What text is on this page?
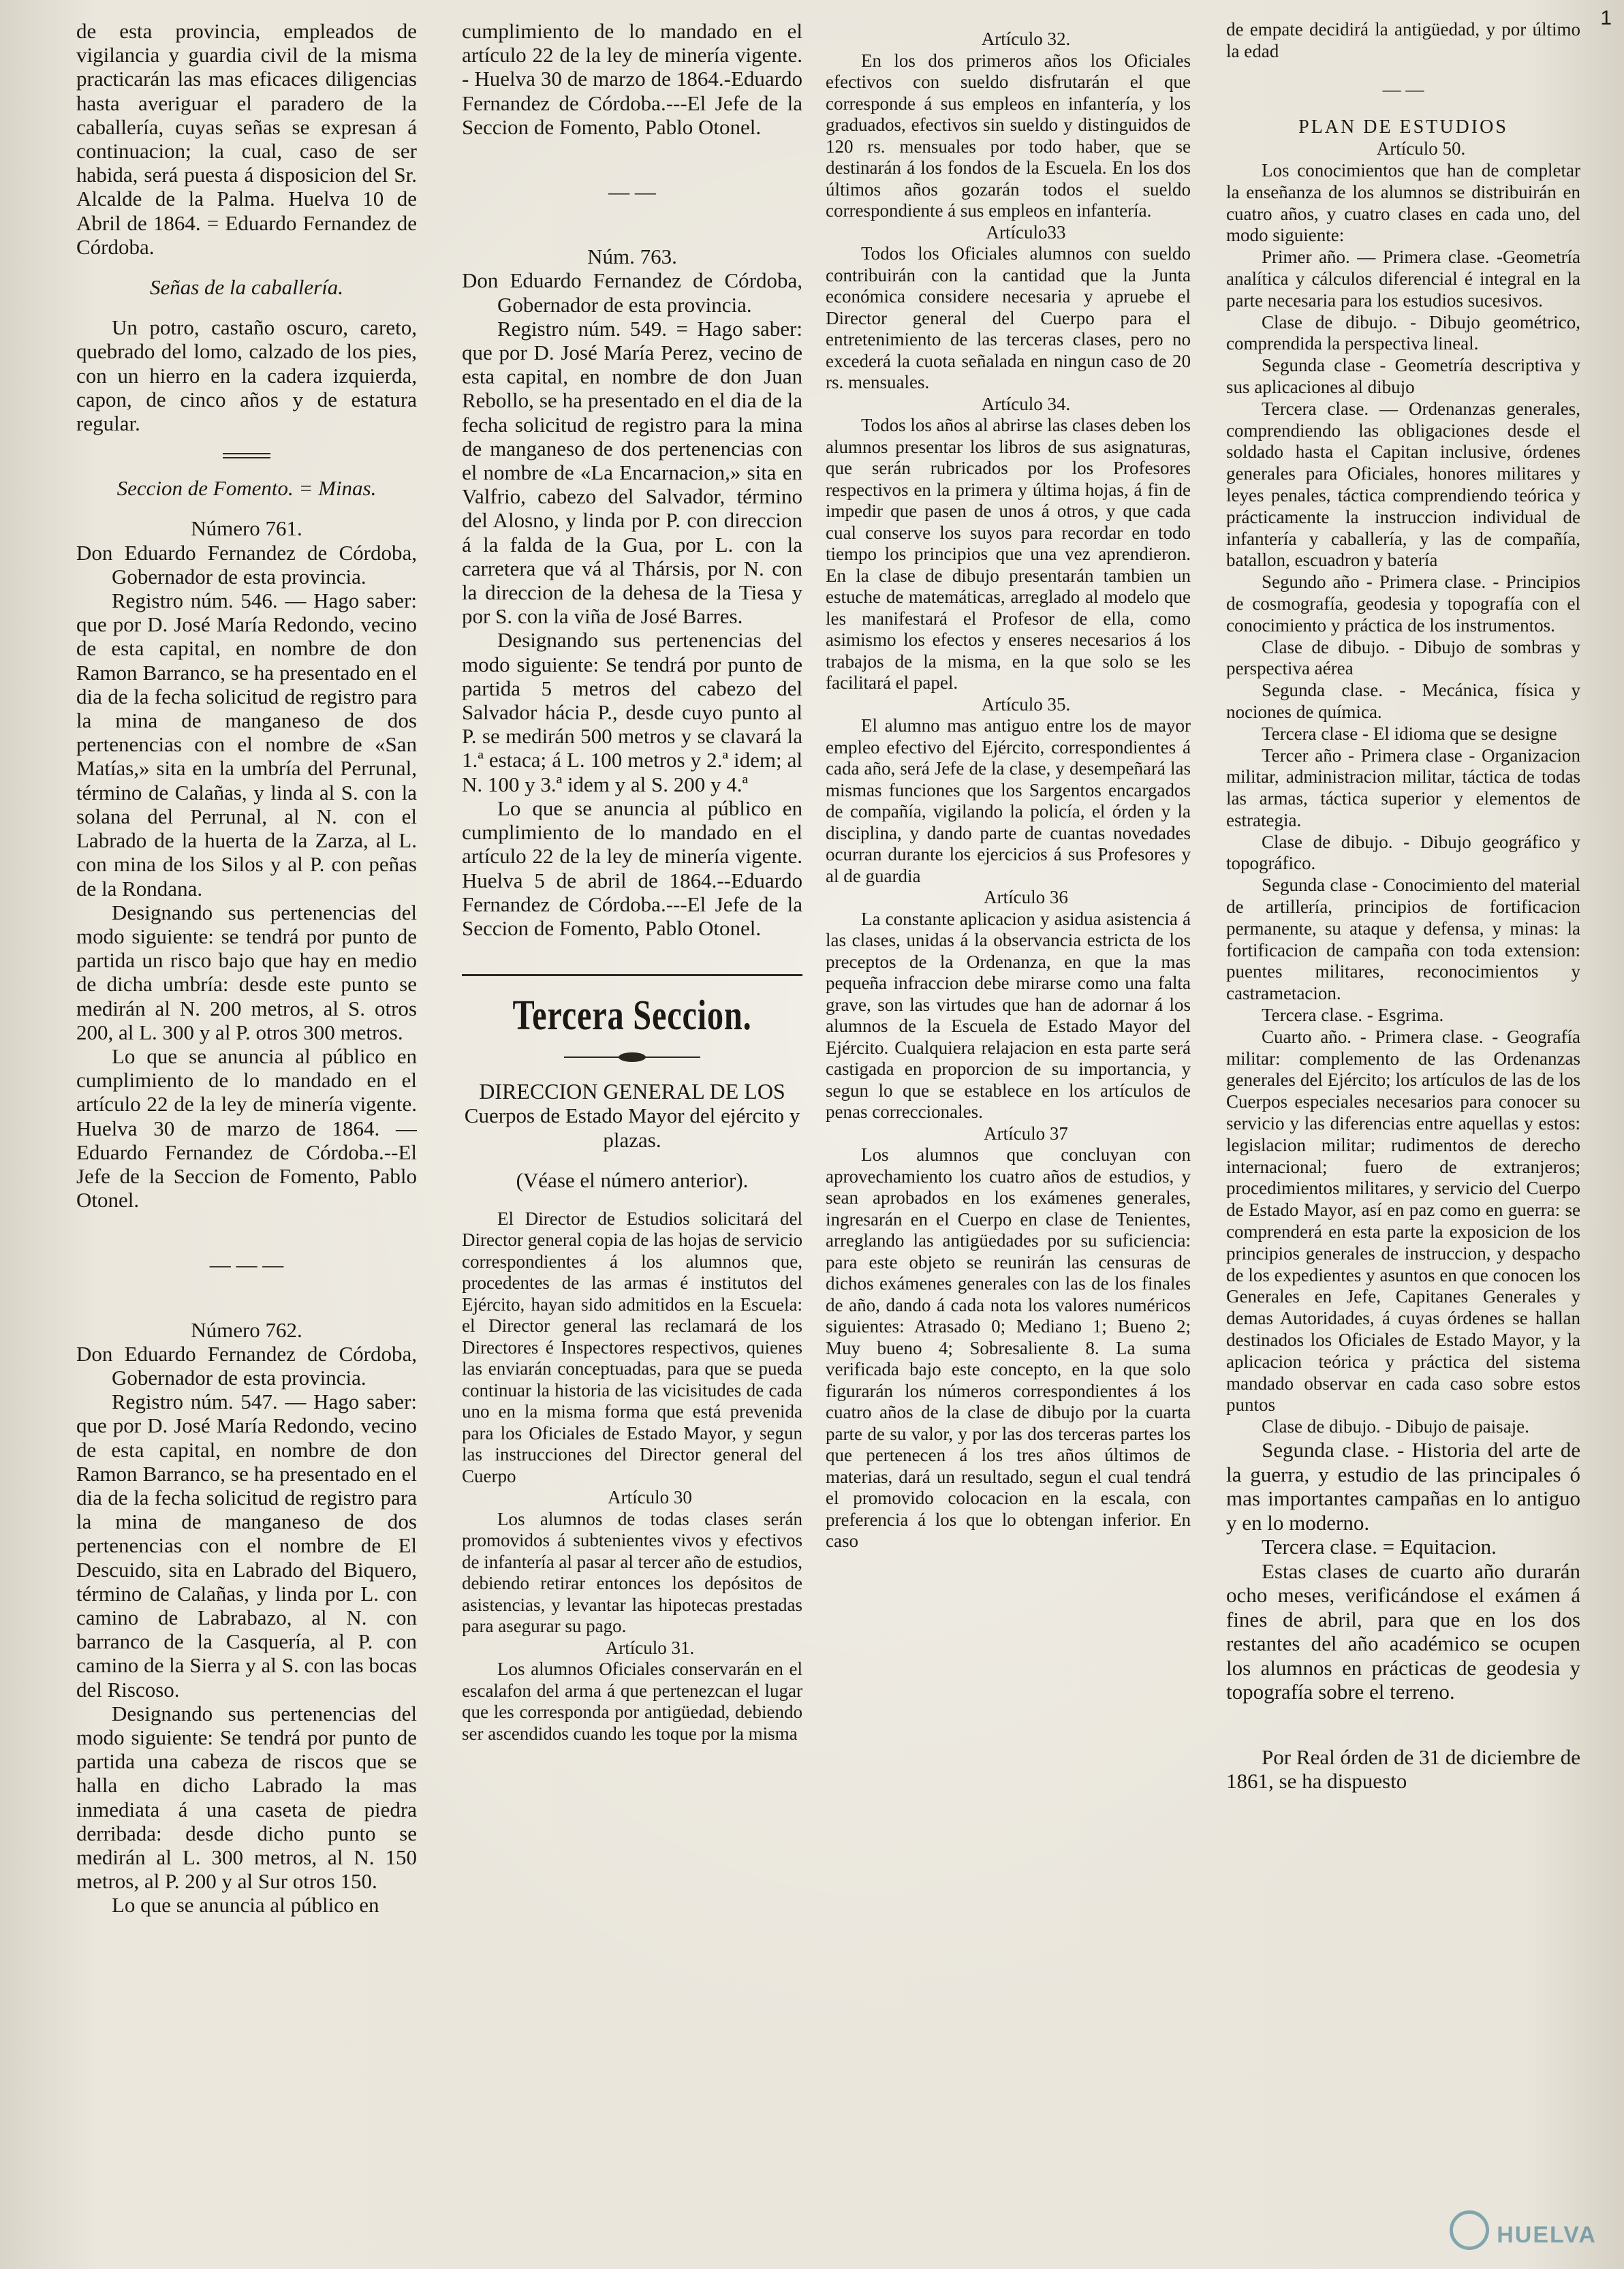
1

de esta provincia, empleados de vigilancia y guardia civil de la misma practicarán las mas eficaces diligencias hasta averiguar el paradero de la caballería, cuyas señas se expresan á continuacion; la cual, caso de ser habida, será puesta á disposicion del Sr. Alcalde de la Palma. Huelva 10 de Abril de 1864. = Eduardo Fernandez de Córdoba.

Señas de la caballería.

Un potro, castaño oscuro, careto, quebrado del lomo, calzado de los pies, con un hierro en la cadera izquierda, capon, de cinco años y de estatura regular.

Seccion de Fomento. = Minas.

Número 761.

Don Eduardo Fernandez de Córdoba, Gobernador de esta provincia.

Registro núm. 546. — Hago saber: que por D. José María Redondo, vecino de esta capital, en nombre de don Ramon Barranco, se ha presentado en el dia de la fecha solicitud de registro para la mina de manganeso de dos pertenencias con el nombre de «San Matías,» sita en la umbría del Perrunal, término de Calañas, y linda al S. con la solana del Perrunal, al N. con el Labrado de la huerta de la Zarza, al L. con mina de los Silos y al P. con peñas de la Rondana.

Designando sus pertenencias del modo siguiente: se tendrá por punto de partida un risco bajo que hay en medio de dicha umbría: desde este punto se medirán al N. 200 metros, al S. otros 200, al L. 300 y al P. otros 300 metros.

Lo que se anuncia al público en cumplimiento de lo mandado en el artículo 22 de la ley de minería vigente. Huelva 30 de marzo de 1864. — Eduardo Fernandez de Córdoba.--El Jefe de la Seccion de Fomento, Pablo Otonel.

— — —

Número 762.

Don Eduardo Fernandez de Córdoba, Gobernador de esta provincia.

Registro núm. 547. — Hago saber: que por D. José María Redondo, vecino de esta capital, en nombre de don Ramon Barranco, se ha presentado en el dia de la fecha solicitud de registro para la mina de manganeso de dos pertenencias con el nombre de El Descuido, sita en Labrado del Biquero, término de Calañas, y linda por L. con camino de Labrabazo, al N. con barranco de la Casquería, al P. con camino de la Sierra y al S. con las bocas del Riscoso.

Designando sus pertenencias del modo siguiente: Se tendrá por punto de partida una cabeza de riscos que se halla en dicho Labrado la mas inmediata á una caseta de piedra derribada: desde dicho punto se medirán al L. 300 metros, al N. 150 metros, al P. 200 y al Sur otros 150.

Lo que se anuncia al público en

cumplimiento de lo mandado en el artículo 22 de la ley de minería vigente. - Huelva 30 de marzo de 1864.-Eduardo Fernandez de Córdoba.---El Jefe de la Seccion de Fomento, Pablo Otonel.

— —

Núm. 763.

Don Eduardo Fernandez de Córdoba, Gobernador de esta provincia.

Registro núm. 549. = Hago saber: que por D. José María Perez, vecino de esta capital, en nombre de don Juan Rebollo, se ha presentado en el dia de la fecha solicitud de registro para la mina de manganeso de dos pertenencias con el nombre de «La Encarnacion,» sita en Valfrio, cabezo del Salvador, término del Alosno, y linda por P. con direccion á la falda de la Gua, por L. con la carretera que vá al Thársis, por N. con la direccion de la dehesa de la Tiesa y por S. con la viña de José Barres.

Designando sus pertenencias del modo siguiente: Se tendrá por punto de partida 5 metros del cabezo del Salvador hácia P., desde cuyo punto al P. se medirán 500 metros y se clavará la 1.ª estaca; á L. 100 metros y 2.ª idem; al N. 100 y 3.ª idem y al S. 200 y 4.ª

Lo que se anuncia al público en cumplimiento de lo mandado en el artículo 22 de la ley de minería vigente. Huelva 5 de abril de 1864.--Eduardo Fernandez de Córdoba.---El Jefe de la Seccion de Fomento, Pablo Otonel.

Tercera Seccion.

DIRECCION GENERAL DE LOS

Cuerpos de Estado Mayor del ejército y plazas.

(Véase el número anterior).

El Director de Estudios solicitará del Director general copia de las hojas de servicio correspondientes á los alumnos que, procedentes de las armas é institutos del Ejército, hayan sido admitidos en la Escuela: el Director general las reclamará de los Directores é Inspectores respectivos, quienes las enviarán conceptuadas, para que se pueda continuar la historia de las vicisitudes de cada uno en la misma forma que está prevenida para los Oficiales de Estado Mayor, y segun las instrucciones del Director general del Cuerpo

Artículo 30

Los alumnos de todas clases serán promovidos á subtenientes vivos y efectivos de infantería al pasar al tercer año de estudios, debiendo retirar entonces los depósitos de asistencias, y levantar las hipotecas prestadas para asegurar su pago.

Artículo 31.

Los alumnos Oficiales conservarán en el escalafon del arma á que pertenezcan el lugar que les corresponda por antigüedad, debiendo ser ascendidos cuando les toque por la misma

Artículo 32.

En los dos primeros años los Oficiales efectivos con sueldo disfrutarán el que corresponde á sus empleos en infantería, y los graduados, efectivos sin sueldo y distinguidos de 120 rs. mensuales por todo haber, que se destinarán á los fondos de la Escuela. En los dos últimos años gozarán todos el sueldo correspondiente á sus empleos en infantería.

Artículo33

Todos los Oficiales alumnos con sueldo contribuirán con la cantidad que la Junta económica considere necesaria y apruebe el Director general del Cuerpo para el entretenimiento de las terceras clases, pero no excederá la cuota señalada en ningun caso de 20 rs. mensuales.

Artículo 34.

Todos los años al abrirse las clases deben los alumnos presentar los libros de sus asignaturas, que serán rubricados por los Profesores respectivos en la primera y última hojas, á fin de impedir que pasen de unos á otros, y que cada cual conserve los suyos para recordar en todo tiempo los principios que una vez aprendieron. En la clase de dibujo presentarán tambien un estuche de matemáticas, arreglado al modelo que les manifestará el Profesor de ella, como asimismo los efectos y enseres necesarios á los trabajos de la misma, en la que solo se les facilitará el papel.

Artículo 35.

El alumno mas antiguo entre los de mayor empleo efectivo del Ejército, correspondientes á cada año, será Jefe de la clase, y desempeñará las mismas funciones que los Sargentos encargados de compañía, vigilando la policía, el órden y la disciplina, y dando parte de cuantas novedades ocurran durante los ejercicios á sus Profesores y al de guardia

Artículo 36

La constante aplicacion y asidua asistencia á las clases, unidas á la observancia estricta de los preceptos de la Ordenanza, en que la mas pequeña infraccion debe mirarse como una falta grave, son las virtudes que han de adornar á los alumnos de la Escuela de Estado Mayor del Ejército. Cualquiera relajacion en esta parte será castigada en proporcion de su importancia, y segun lo que se establece en los artículos de penas correccionales.

Artículo 37

Los alumnos que concluyan con aprovechamiento los cuatro años de estudios, y sean aprobados en los exámenes generales, ingresarán en el Cuerpo en clase de Tenientes, arreglando las antigüedades por su suficiencia: para este objeto se reunirán las censuras de dichos exámenes generales con las de los finales de año, dando á cada nota los valores numéricos siguientes: Atrasado 0; Mediano 1; Bueno 2; Muy bueno 4; Sobresaliente 8. La suma verificada bajo este concepto, en la que solo figurarán los números correspondientes á los cuatro años de la clase de dibujo por la cuarta parte de su valor, y por las dos terceras partes los que pertenecen á los tres años últimos de materias, dará un resultado, segun el cual tendrá el promovido colocacion en la escala, con preferencia á los que lo obtengan inferior. En caso

de empate decidirá la antigüedad, y por último la edad

— —

PLAN DE ESTUDIOS

Artículo 50.

Los conocimientos que han de completar la enseñanza de los alumnos se distribuirán en cuatro años, y cuatro clases en cada uno, del modo siguiente:

Primer año. — Primera clase. -Geometría analítica y cálculos diferencial é integral en la parte necesaria para los estudios sucesivos.

Clase de dibujo. - Dibujo geométrico, comprendida la perspectiva lineal.

Segunda clase - Geometría descriptiva y sus aplicaciones al dibujo

Tercera clase. — Ordenanzas generales, comprendiendo las obligaciones desde el soldado hasta el Capitan inclusive, órdenes generales para Oficiales, honores militares y leyes penales, táctica comprendiendo teórica y prácticamente la instruccion individual de infantería y caballería, y las de compañía, batallon, escuadron y batería

Segundo año - Primera clase. - Principios de cosmografía, geodesia y topografía con el conocimiento y práctica de los instrumentos.

Clase de dibujo. - Dibujo de sombras y perspectiva aérea

Segunda clase. - Mecánica, física y nociones de química.

Tercera clase - El idioma que se designe

Tercer año - Primera clase - Organizacion militar, administracion militar, táctica de todas las armas, táctica superior y elementos de estrategia.

Clase de dibujo. - Dibujo geográfico y topográfico.

Segunda clase - Conocimiento del material de artillería, principios de fortificacion permanente, su ataque y defensa, y minas: la fortificacion de campaña con toda extension: puentes militares, reconocimientos y castrametacion.

Tercera clase. - Esgrima.

Cuarto año. - Primera clase. - Geografía militar: complemento de las Ordenanzas generales del Ejército; los artículos de las de los Cuerpos especiales necesarios para conocer su servicio y las diferencias entre aquellas y estos: legislacion militar; rudimentos de derecho internacional; fuero de extranjeros; procedimientos militares, y servicio del Cuerpo de Estado Mayor, así en paz como en guerra: se comprenderá en esta parte la exposicion de los principios generales de instruccion, y despacho de los expedientes y asuntos en que conocen los Generales en Jefe, Capitanes Generales y demas Autoridades, á cuyas órdenes se hallan destinados los Oficiales de Estado Mayor, y la aplicacion teórica y práctica del sistema mandado observar en cada caso sobre estos puntos

Clase de dibujo. - Dibujo de paisaje.

Segunda clase. - Historia del arte de la guerra, y estudio de las principales ó mas importantes campañas en lo antiguo y en lo moderno.

Tercera clase. = Equitacion.

Estas clases de cuarto año durarán ocho meses, verificándose el exámen á fines de abril, para que en los dos restantes del año académico se ocupen los alumnos en prácticas de geodesia y topografía sobre el terreno.

Por Real órden de 31 de diciembre de 1861, se ha dispuesto

HUELVA
